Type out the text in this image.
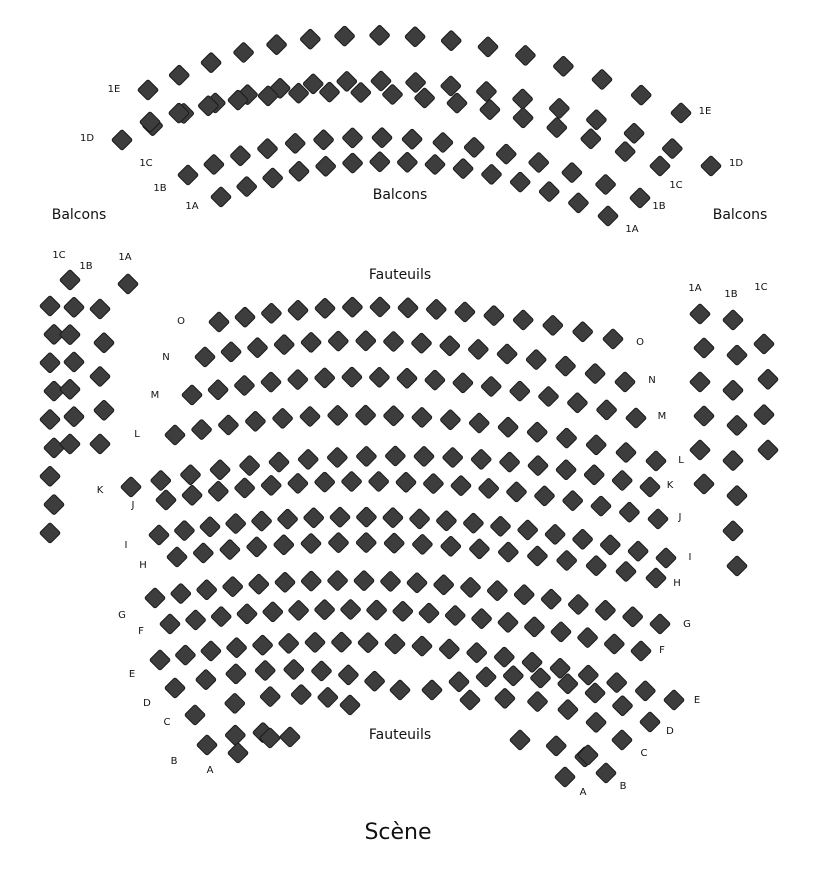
Balcons
Balcons	Balcons
Fauteuils
Fauteuils
Scène
1E
1D
1C
1B
1A
1E
1D
1C
1B
1A
1C
1B
1A
1A
1B
1C
O
N
M
L
K
J
I
H
G
F
E
D
C
B
A
O
N
M
L
K
J
I
H
G
F
E
D
C
B
A
